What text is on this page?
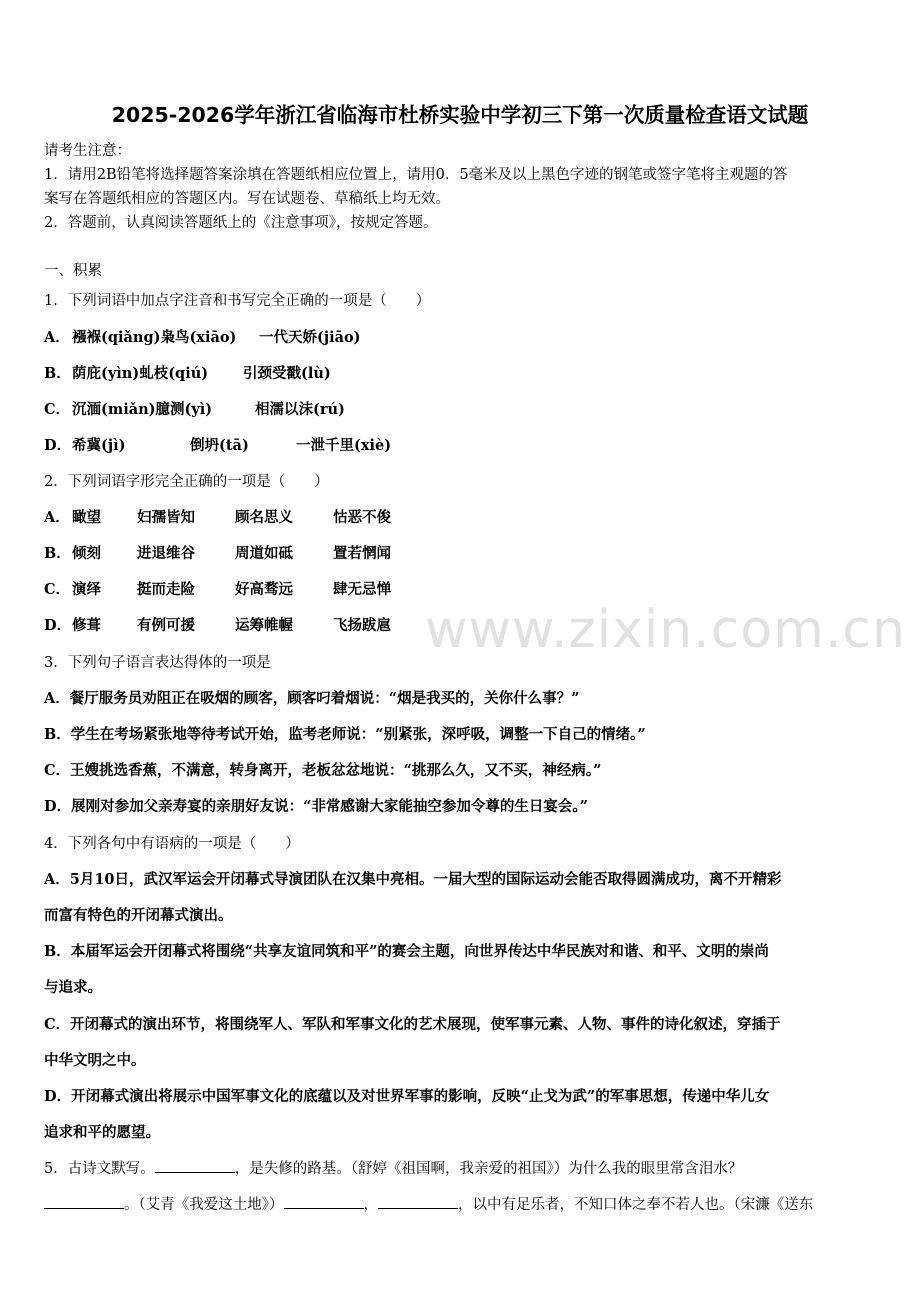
2025-2026学年浙江省临海市杜桥实验中学初三下第一次质量检查语文试题
请考生注意：
1．请用2B铅笔将选择题答案涂填在答题纸相应位置上，请用0．5毫米及以上黑色字迹的钢笔或签字笔将主观题的答
案写在答题纸相应的答题区内。写在试题卷、草稿纸上均无效。
2．答题前，认真阅读答题纸上的《注意事项》，按规定答题。
一、积累
1．下列词语中加点字注音和书写完全正确的一项是（　　）
A． 襁褓(qiǎng)枭鸟(xiāo) 一代天娇(jiāo)
B． 荫庇(yìn)虬枝(qiú) 引颈受戳(lù)
C． 沉湎(miǎn)臆测(yì)	相濡以沫(rú)
D． 希冀(jì)	倒坍(tā)	一泄千里(xiè)
2．下列词语字形完全正确的一项是（　　）
A． 瞰望 妇孺皆知	顾名思义	怙恶不俊
B． 倾刻 进退维谷	周道如砥	置若惘闻
C． 演绎 挺而走险	好高骛远	肆无忌惮
D． 修葺 有例可援	运筹帷幄	飞扬跋扈 www.zixin.com.cn
3．下列句子语言表达得体的一项是
A．餐厅服务员劝阻正在吸烟的顾客，顾客叼着烟说：“烟是我买的，关你什么事？”
B．学生在考场紧张地等待考试开始，监考老师说：“别紧张，深呼吸，调整一下自己的情绪。”
C．王嫂挑选香蕉，不满意，转身离开，老板忿忿地说：“挑那么久，又不买，神经病。”
D．展刚对参加父亲寿宴的亲朋好友说：“非常感谢大家能抽空参加令尊的生日宴会。”
4．下列各句中有语病的一项是（　　）
A．5月10日，武汉军运会开闭幕式导演团队在汉集中亮相。一届大型的国际运动会能否取得圆满成功，离不开精彩
而富有特色的开闭幕式演出。
B．本届军运会开闭幕式将围绕“共享友谊同筑和平”的赛会主题，向世界传达中华民族对和谐、和平、文明的崇尚
与追求。
C．开闭幕式的演出环节，将围绕军人、军队和军事文化的艺术展现，使军事元素、人物、事件的诗化叙述，穿插于
中华文明之中。
D．开闭幕式演出将展示中国军事文化的底蕴以及对世界军事的影响，反映“止戈为武”的军事思想，传递中华儿女
追求和平的愿望。
5．古诗文默写。	，是失修的路基。（舒婷《祖国啊，我亲爱的祖国》）为什么我的眼里常含泪水？
。（艾青《我爱这土地》）	，	，以中有足乐者，不知口体之奉不若人也。（宋濂《送东
